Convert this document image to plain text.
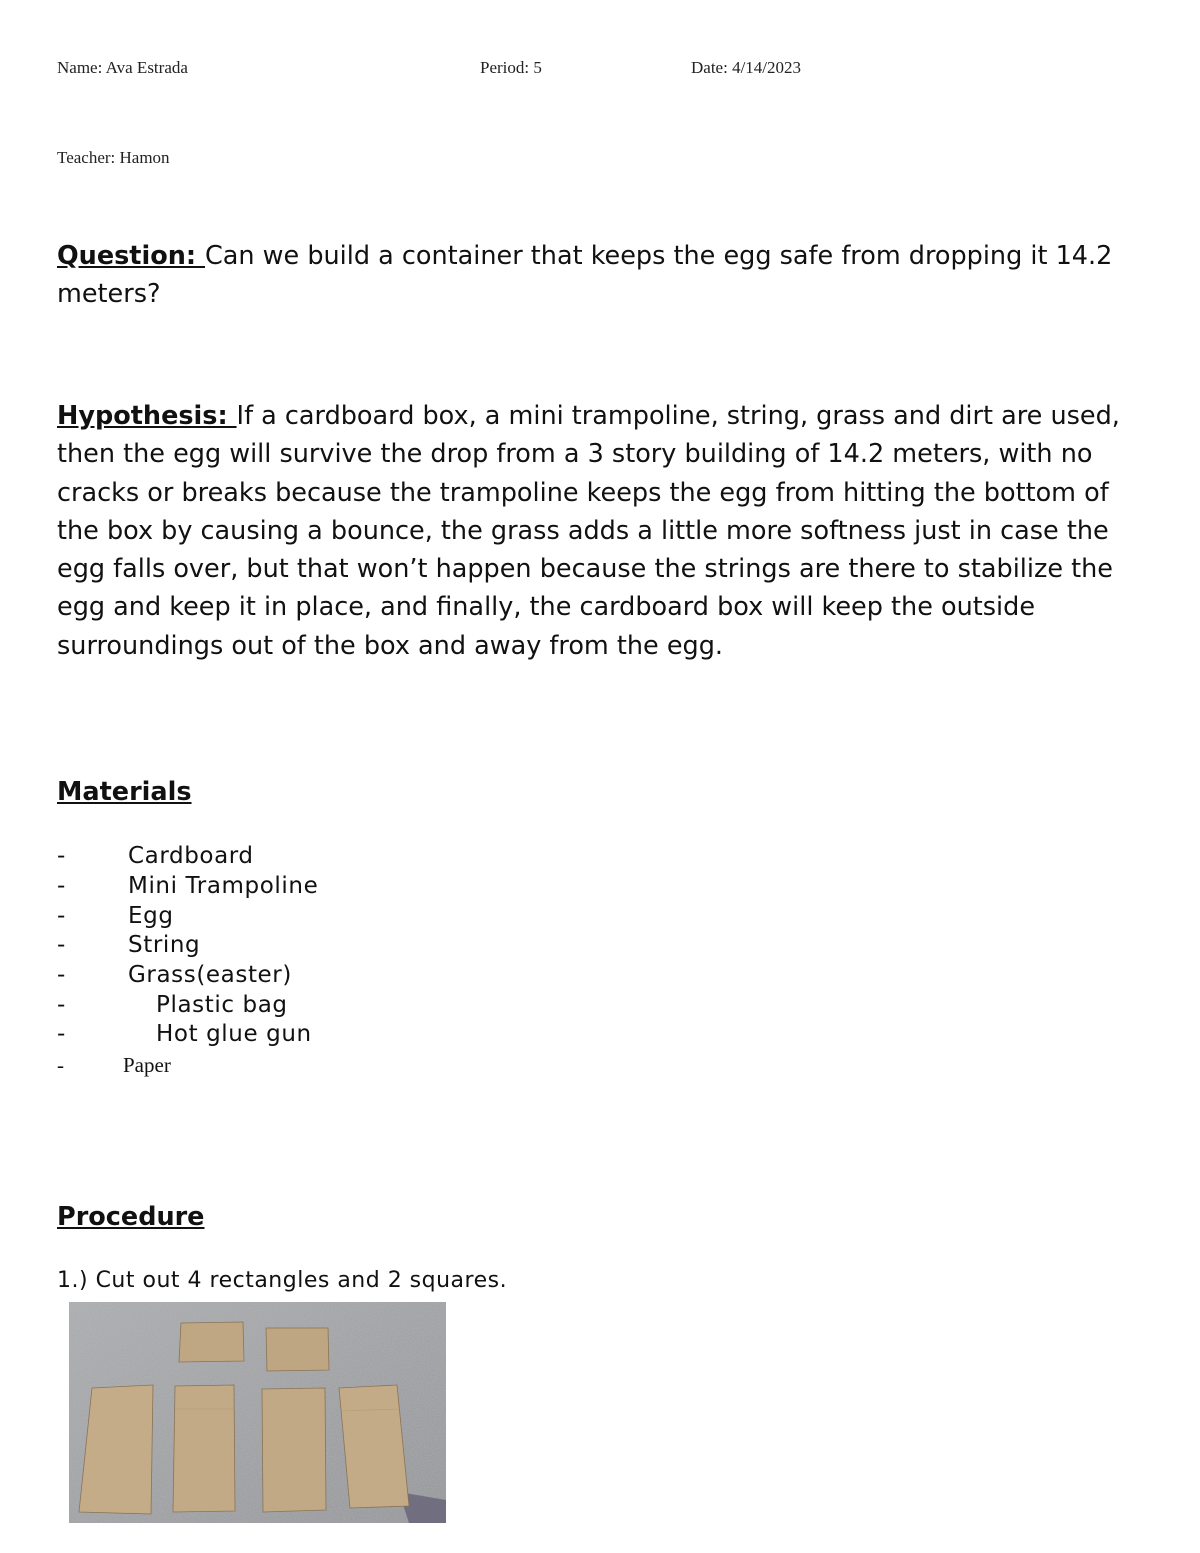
Name: Ava Estrada	Period: 5	Date: 4/14/2023
Teacher: Hamon
Question: Can we build a container that keeps the egg safe from dropping it 14.2 meters?
Hypothesis: If a cardboard box, a mini trampoline, string, grass and dirt are used, then the egg will survive the drop from a 3 story building of 14.2 meters, with no cracks or breaks because the trampoline keeps the egg from hitting the bottom of the box by causing a bounce, the grass adds a little more softness just in case the egg falls over, but that won’t happen because the strings are there to stabilize the egg and keep it in place, and finally, the cardboard box will keep the outside surroundings out of the box and away from the egg.
Materials
-	Cardboard
-	Mini Trampoline
-	Egg
-	String
-	Grass(easter)
-	Plastic bag
-	Hot glue gun
-	Paper
Procedure
1.) Cut out 4 rectangles and 2 squares.
